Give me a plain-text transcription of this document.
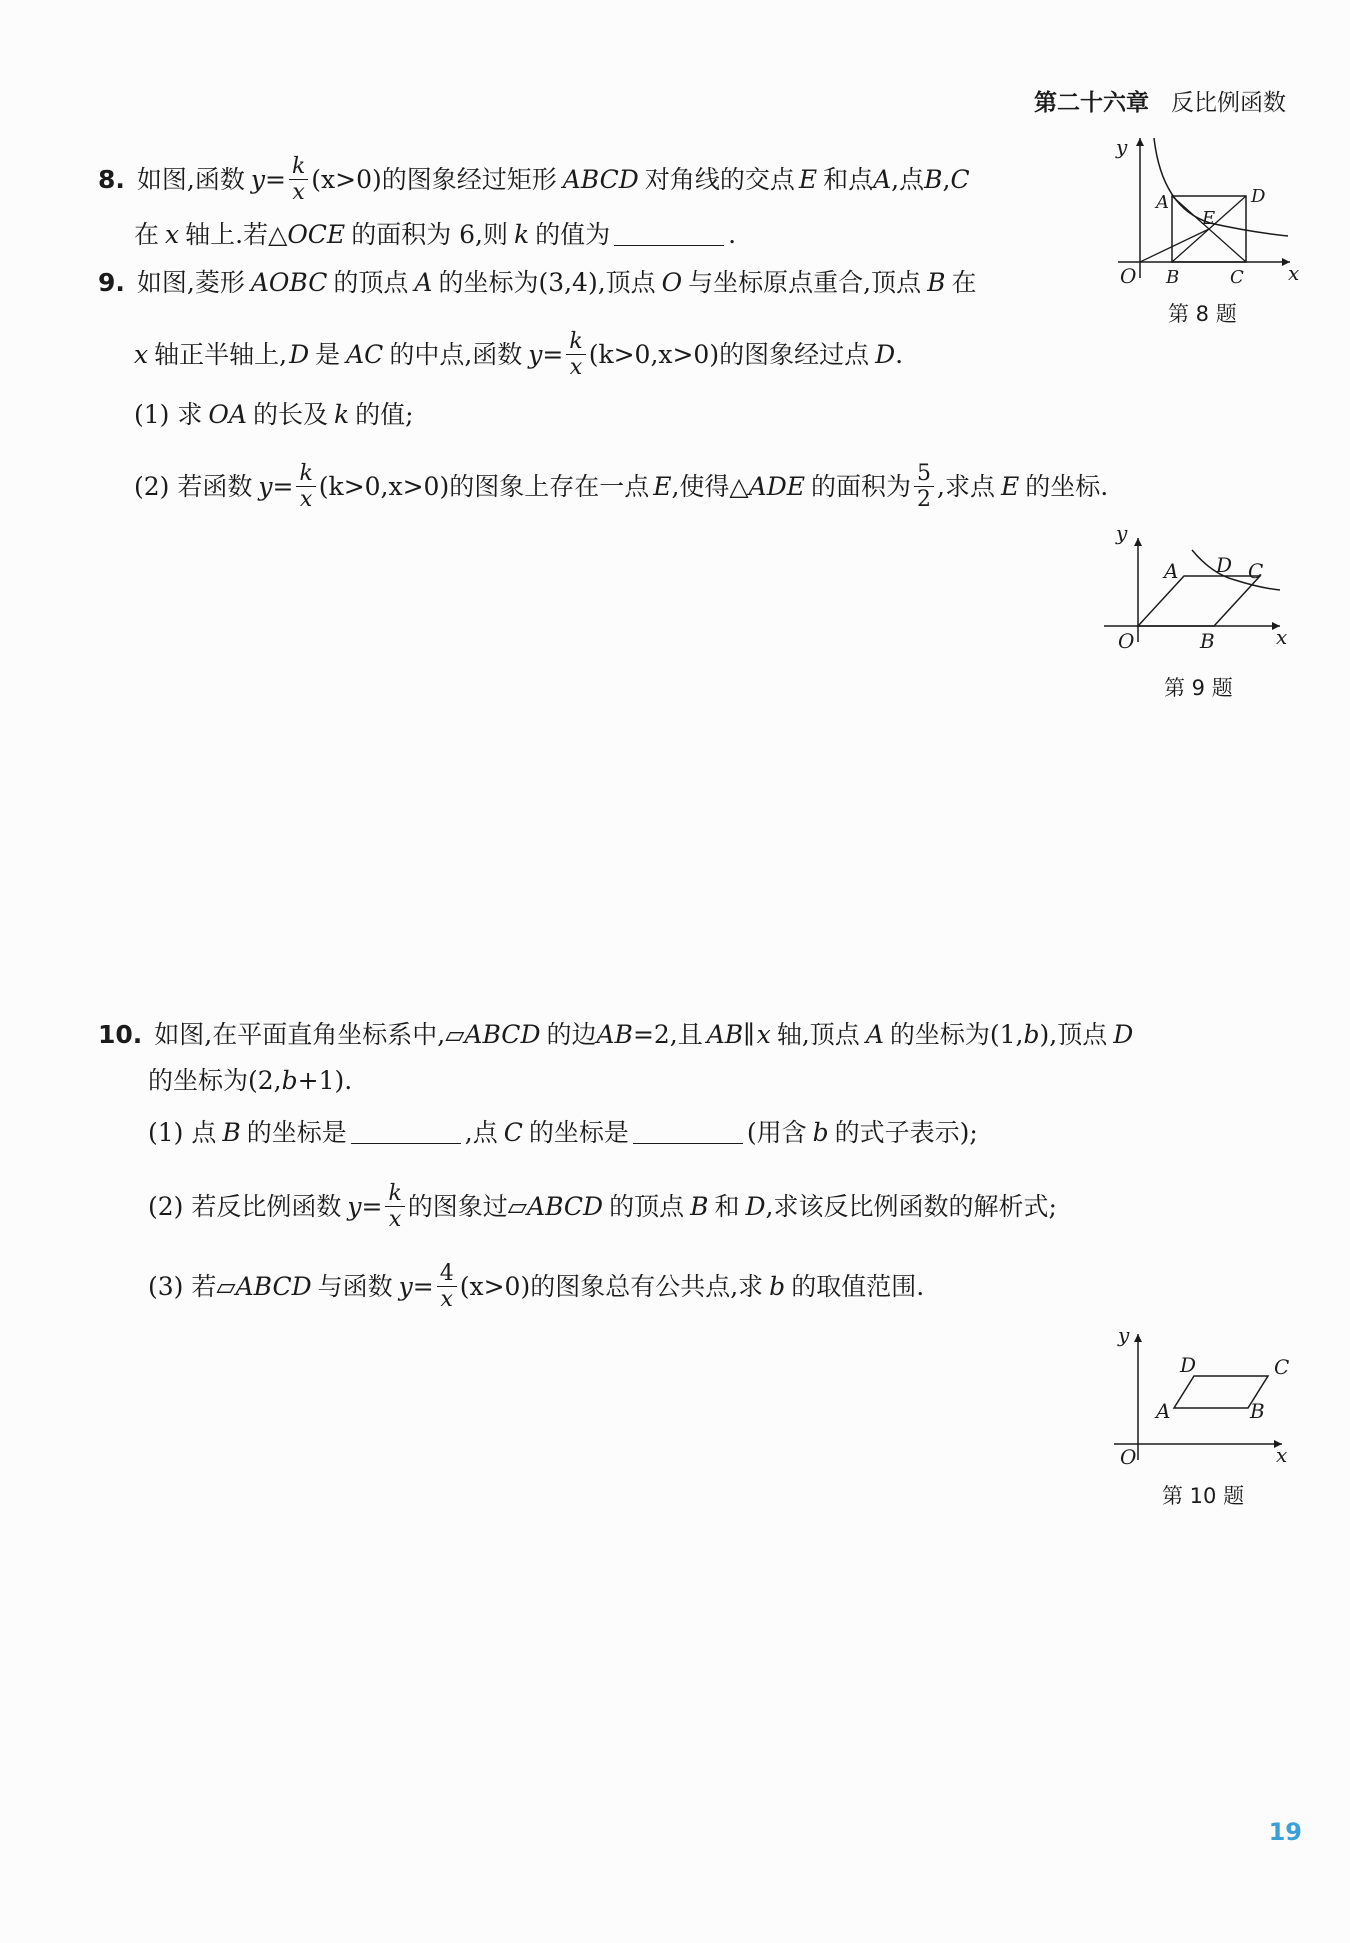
第二十六章 反比例函数
8. 如图,函数 $y = \frac{k}{x} (x>0)$的图象经过矩形 ABCD 对角线的交点 E 和点 A ,点 B , C
在 x 轴上.若△ OCE 的面积为 6,则 k 的值为	.
y
x
O
A
B	C
D
E
第 8 题
9. 如图,菱形 AOBC 的顶点 A 的坐标为(3,4),顶点 O 与坐标原点重合,顶点 B 在
x 轴正半轴上, D 是 AC 的中点,函数 $y = \frac{k}{x} (k>0,x>0)$的图象经过点 D .
(1) 求 OA 的长及 k 的值;
(2) 若函数 $y = \frac{k}{x} (k>0,x>0)$的图象上存在一点 E ,使得△ ADE 的面积为 $\frac{5}{2}$ ,求点 E 的坐标.
y
x
O
A D C
B
第 9 题
10. 如图,在平面直角坐标系中,▱ ABCD 的边 AB =2,且 AB ∥ x 轴,顶点 A 的坐标为(1, b ),顶点 D
的坐标为(2, b +1).
(1) 点 B 的坐标是	,点 C 的坐标是	(用含 b 的式子表示);
(2) 若反比例函数 $y = \frac{k}{x}$ 的图象过▱ ABCD 的顶点 B 和 D ,求该反比例函数的解析式;
(3) 若▱ ABCD 与函数 $y = \frac{4}{x} (x>0)$的图象总有公共点,求 b 的取值范围.
y
x
O
A	B
C
D
第 10 题
19
